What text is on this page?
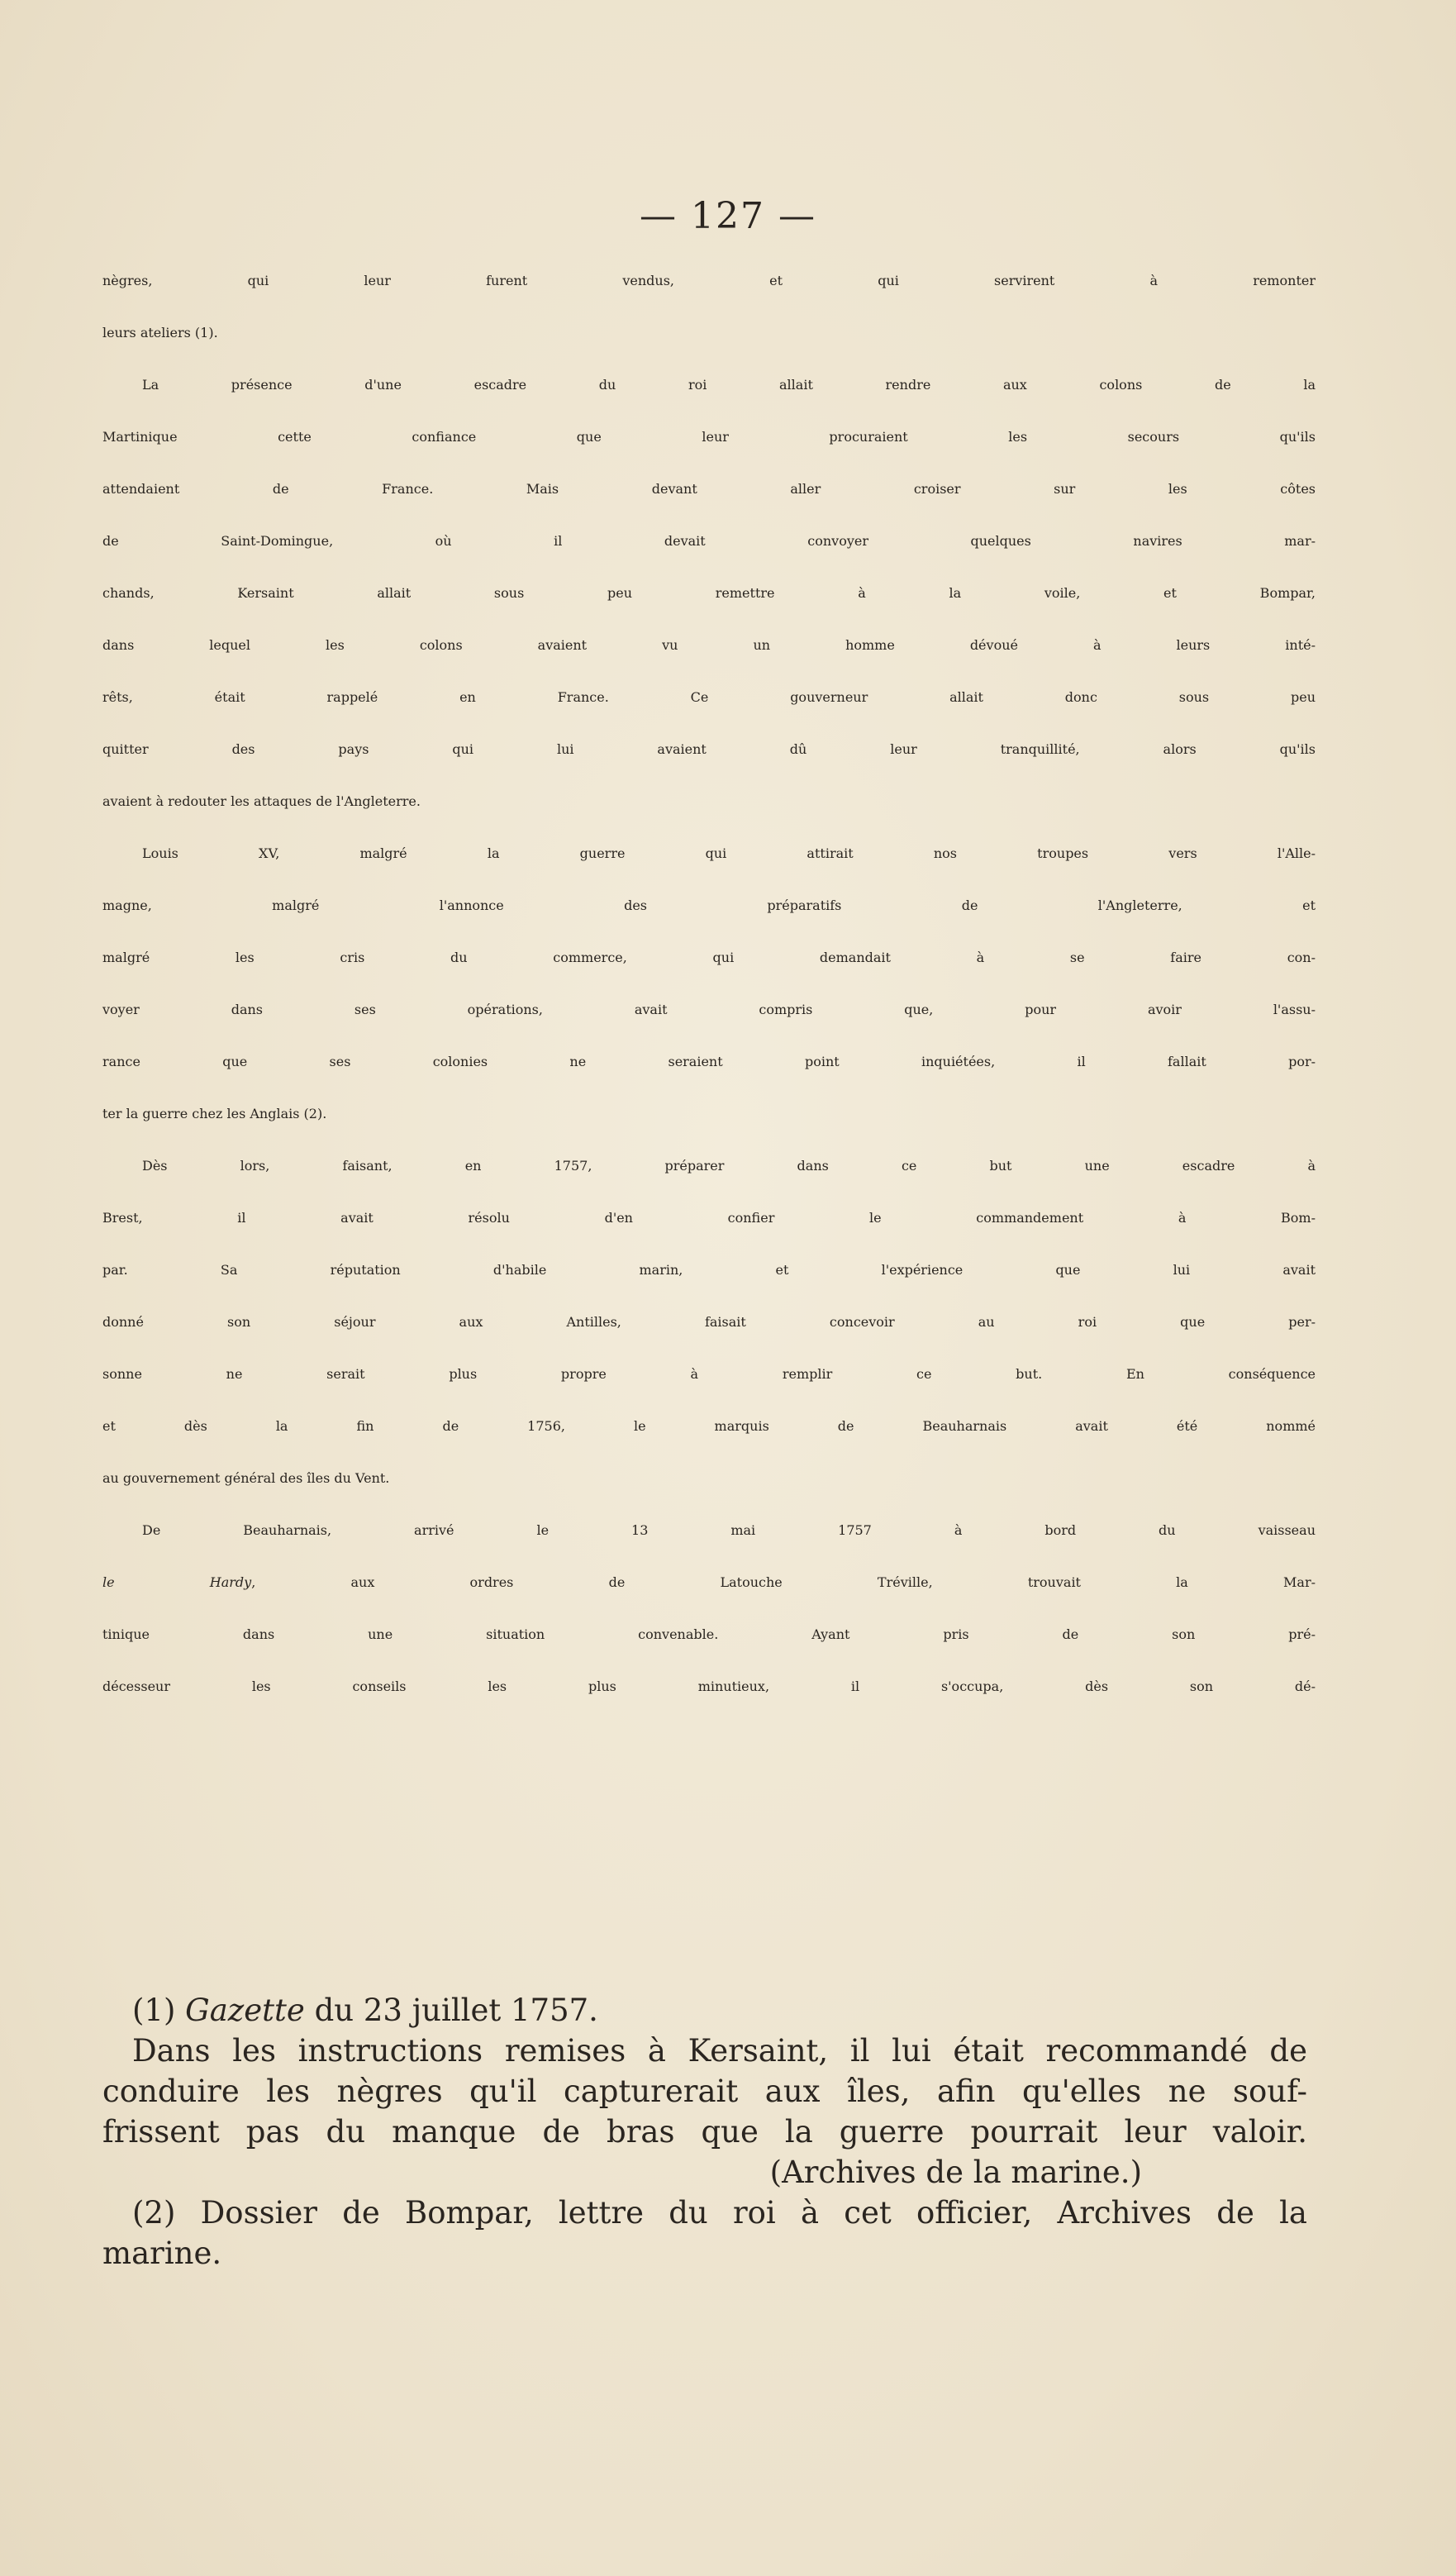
— 127 —
nègres, qui leur furent vendus, et qui servirent à remonter
leurs ateliers (1).
La présence d'une escadre du roi allait rendre aux colons de la
Martinique cette confiance que leur procuraient les secours qu'ils
attendaient de France. Mais devant aller croiser sur les côtes
de Saint-Domingue, où il devait convoyer quelques navires mar-
chands, Kersaint allait sous peu remettre à la voile, et Bompar,
dans lequel les colons avaient vu un homme dévoué à leurs inté-
rêts, était rappelé en France. Ce gouverneur allait donc sous peu
quitter des pays qui lui avaient dû leur tranquillité, alors qu'ils
avaient à redouter les attaques de l'Angleterre.
Louis XV, malgré la guerre qui attirait nos troupes vers l'Alle-
magne, malgré l'annonce des préparatifs de l'Angleterre, et
malgré les cris du commerce, qui demandait à se faire con-
voyer dans ses opérations, avait compris que, pour avoir l'assu-
rance que ses colonies ne seraient point inquiétées, il fallait por-
ter la guerre chez les Anglais (2).
Dès lors, faisant, en 1757, préparer dans ce but une escadre à
Brest, il avait résolu d'en confier le commandement à Bom-
par. Sa réputation d'habile marin, et l'expérience que lui avait
donné son séjour aux Antilles, faisait concevoir au roi que per-
sonne ne serait plus propre à remplir ce but. En conséquence
et dès la fin de 1756, le marquis de Beauharnais avait été nommé
au gouvernement général des îles du Vent.
De Beauharnais, arrivé le 13 mai 1757 à bord du vaisseau
le Hardy, aux ordres de Latouche Tréville, trouvait la Mar-
tinique dans une situation convenable. Ayant pris de son pré-
décesseur les conseils les plus minutieux, il s'occupa, dès son dé-
(1) Gazette du 23 juillet 1757.
Dans les instructions remises à Kersaint, il lui était recommandé de
conduire les nègres qu'il capturerait aux îles, afin qu'elles ne souf-
frissent pas du manque de bras que la guerre pourrait leur valoir.
(Archives de la marine.)
(2) Dossier de Bompar, lettre du roi à cet officier, Archives de la
marine.
